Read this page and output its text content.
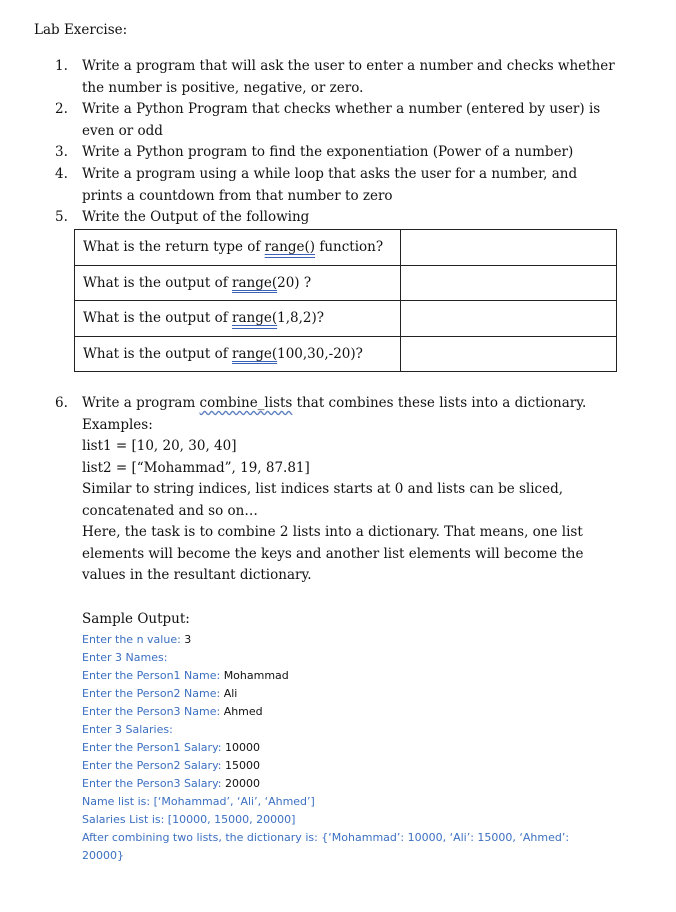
Lab Exercise:
1.	Write a program that will ask the user to enter a number and checks whether
the number is positive, negative, or zero.
2.	Write a Python Program that checks whether a number (entered by user) is
even or odd
3.	Write a Python program to find the exponentiation (Power of a number)
4.	Write a program using a while loop that asks the user for a number, and
prints a countdown from that number to zero
5.	Write the Output of the following
What is the return type of range() function?	
What is the output of range(20) ?	
What is the output of range(1,8,2)?	
What is the output of range(100,30,-20)?	
6.	Write a program combine_lists that combines these lists into a dictionary.
Examples:
list1 = [10, 20, 30, 40]
list2 = [“Mohammad”, 19, 87.81]
Similar to string indices, list indices starts at 0 and lists can be sliced,
concatenated and so on…
Here, the task is to combine 2 lists into a dictionary. That means, one list
elements will become the keys and another list elements will become the
values in the resultant dictionary.
Sample Output:
Enter the n value: 3
Enter 3 Names:
Enter the Person1 Name: Mohammad
Enter the Person2 Name: Ali
Enter the Person3 Name: Ahmed
Enter 3 Salaries:
Enter the Person1 Salary: 10000
Enter the Person2 Salary: 15000
Enter the Person3 Salary: 20000
Name list is: [‘Mohammad’, ‘Ali’, ‘Ahmed’]
Salaries List is: [10000, 15000, 20000]
After combining two lists, the dictionary is: {‘Mohammad’: 10000, ‘Ali’: 15000, ‘Ahmed’:
20000}
